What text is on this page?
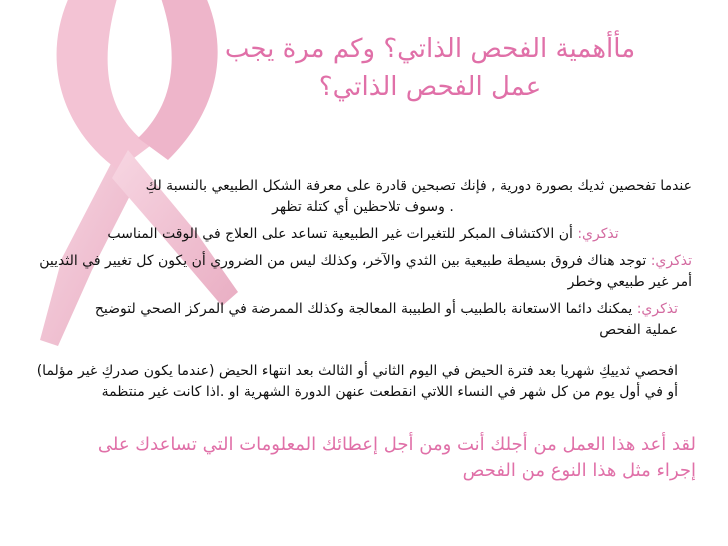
مأأهمية الفحص الذاتي؟ وكم مرة يجب
عمل الفحص الذاتي؟
عندما تفحصين ثديك بصورة دورية , فإنك تصبحين قادرة على معرفة الشكل الطبيعي بالنسبة لكِ
. وسوف تلاحظين أي كتلة تظهر
تذكري: أن الاكتشاف المبكر للتغيرات غير الطبيعية تساعد على العلاج في الوقت المناسب
تذكري: توجد هناك فروق بسيطة طبيعية بين الثدي والآخر، وكذلك ليس من الضروري أن يكون كل تغيير في الثديين أمر غير طبيعي وخطر
تذكري: يمكنك دائما الاستعانة بالطبيب أو الطبيبة المعالجة وكذلك الممرضة في المركز الصحي لتوضيح عملية الفحص
افحصي ثدييكِ شهريا بعد فترة الحيض في اليوم الثاني أو الثالث بعد انتهاء الحيض (عندما يكون صدركِ غير مؤلما) أو في أول يوم من كل شهر في النساء اللاتي انقطعت عنهن الدورة الشهرية او .اذا كانت غير منتظمة
لقد أعد هذا العمل من أجلك أنت ومن أجل إعطائك المعلومات التي تساعدك على إجراء مثل هذا النوع من الفحص
